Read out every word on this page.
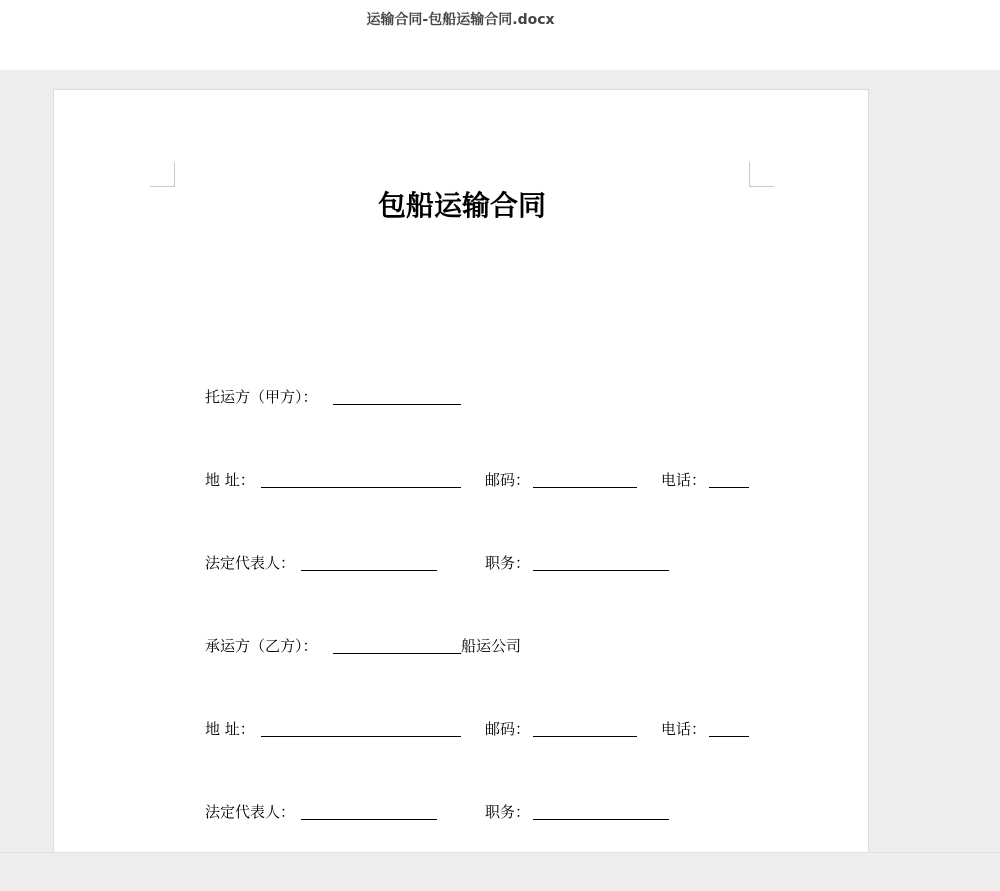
运输合同-包船运输合同.docx
包船运输合同
托运方（甲方）：
地 址：	邮码：	电话：
法定代表人：	职务：
承运方（乙方）：	船运公司
地 址：	邮码：	电话：
法定代表人：	职务：
